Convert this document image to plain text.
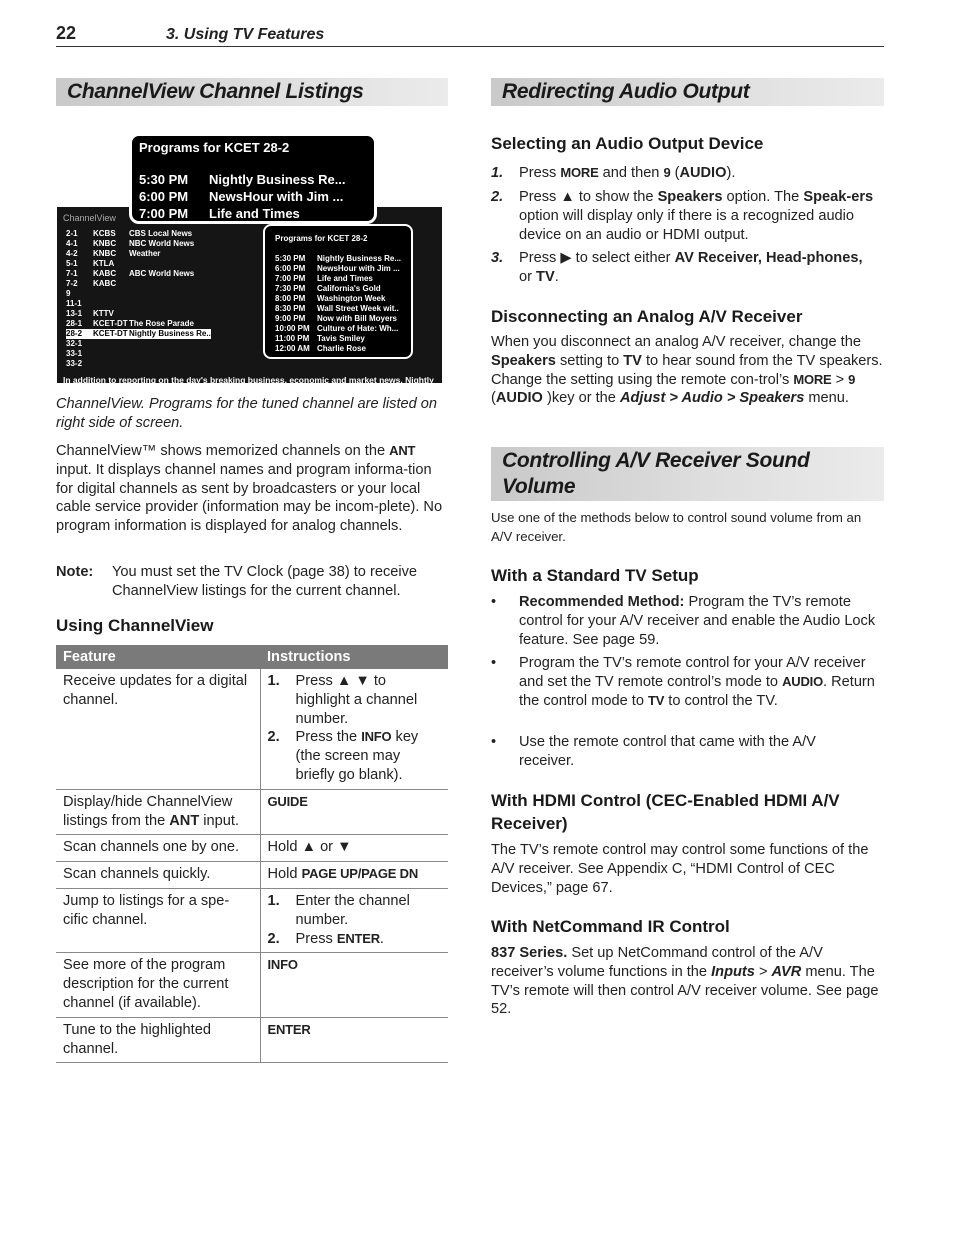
22	3. Using TV Features
ChannelView Channel Listings
ChannelView
2-1 KCBS CBS Local News
4-1 KNBC NBC World News
4-2 KNBC Weather
5-1 KTLA
7-1 KABC ABC World News
7-2 KABC
9
11-1
13-1 KTTV
28-1 KCET-DTThe Rose Parade
28-2 KCET-DTNightly Business Re..
32-1
33-1
33-2
Programs for KCET 28-2
5:30 PM Nightly Business Re...
6:00 PM NewsHour with Jim ...
7:00 PM Life and Times
7:30 PM California's Gold
8:00 PM Washington Week
8:30 PM Wall Street Week wit..
9:00 PM Now with Bill Moyers
10:00 PM Culture of Hate: Wh...
11:00 PM Tavis Smiley
12:00 AM Charlie Rose
Programs for KCET 28-2
5:30 PM Nightly Business Re...
6:00 PM NewsHour with Jim ...
7:00 PM Life and Times
In addition to reporting on the day's breaking business, economic and market news, Nightly
ChannelView. Programs for the tuned channel are listed on right side of screen.
ChannelView™ shows memorized channels on the ANT input. It displays channel names and program informa-tion for digital channels as sent by broadcasters or your local cable service provider (information may be incom-plete). No program information is displayed for analog channels.
Note: You must set the TV Clock (page 38) to receive ChannelView listings for the current channel.
Using ChannelView
Feature	Instructions
Receive updates for a digital channel.	1. Press ▲ ▼ to highlight a channel number.
2. Press the INFO key (the screen may briefly go blank).

Display/hide ChannelView listings from the ANT input.	GUIDE
Scan channels one by one.	Hold ▲ or ▼
Scan channels quickly.	Hold PAGE UP/PAGE DN
Jump to listings for a spe-cific channel.	1. Enter the channel number.
2. Press ENTER.

See more of the program description for the current channel (if available).	INFO
Tune to the highlighted channel.	ENTER
Redirecting Audio Output
Selecting an Audio Output Device
1. Press MORE and then 9 (AUDIO).
2. Press ▲ to show the Speakers option. The Speak-ers option will display only if there is a recognized audio device on an audio or HDMI output.
3. Press ▶ to select either AV Receiver, Head-phones, or TV.
Disconnecting an Analog A/V Receiver
When you disconnect an analog A/V receiver, change the Speakers setting to TV to hear sound from the TV speakers. Change the setting using the remote con-trol’s MORE > 9 (AUDIO )key or the Adjust > Audio > Speakers menu.
Controlling A/V Receiver Sound Volume
Use one of the methods below to control sound volume from an A/V receiver.
With a Standard TV Setup
• Recommended Method: Program the TV’s remote control for your A/V receiver and enable the Audio Lock feature. See page 59.
• Program the TV’s remote control for your A/V receiver and set the TV remote control’s mode to AUDIO. Return the control mode to TV to control the TV.
• Use the remote control that came with the A/V receiver.
With HDMI Control (CEC-Enabled HDMI A/V Receiver)
The TV’s remote control may control some functions of the A/V receiver. See Appendix C, “HDMI Control of CEC Devices,” page 67.
With NetCommand IR Control
837 Series. Set up NetCommand control of the A/V receiver’s volume functions in the Inputs > AVR menu. The TV’s remote will then control A/V receiver volume. See page 52.
